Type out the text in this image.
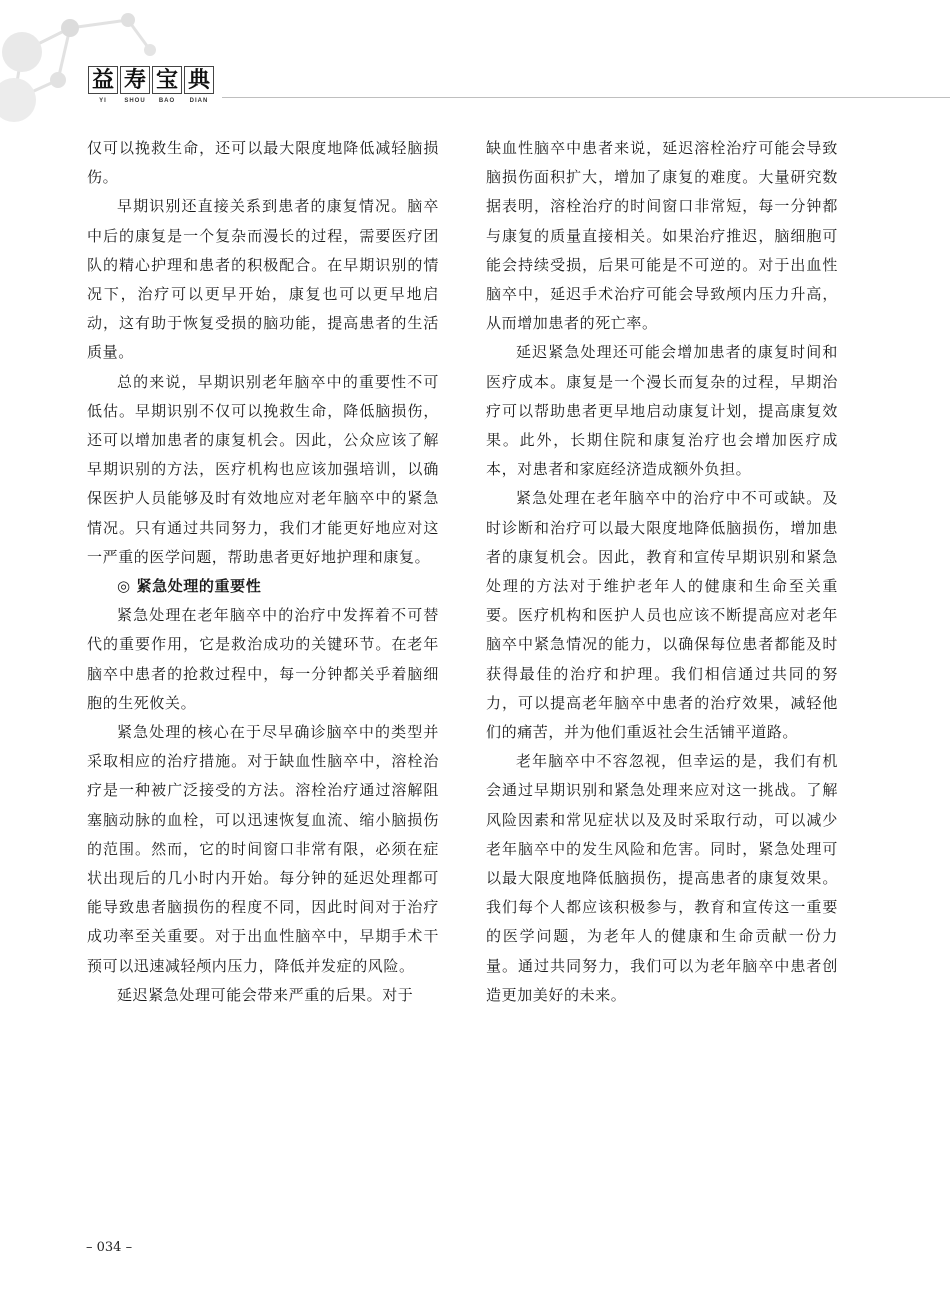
益 寿 宝 典
YI	SHOU	BAO	DIAN

仅可以挽救生命，还可以最大限度地降低减轻脑损伤。

早期识别还直接关系到患者的康复情况。脑卒中后的康复是一个复杂而漫长的过程，需要医疗团队的精心护理和患者的积极配合。在早期识别的情况下，治疗可以更早开始，康复也可以更早地启动，这有助于恢复受损的脑功能，提高患者的生活质量。

总的来说，早期识别老年脑卒中的重要性不可低估。早期识别不仅可以挽救生命，降低脑损伤，还可以增加患者的康复机会。因此，公众应该了解早期识别的方法，医疗机构也应该加强培训，以确保医护人员能够及时有效地应对老年脑卒中的紧急情况。只有通过共同努力，我们才能更好地应对这一严重的医学问题，帮助患者更好地护理和康复。

◎ 紧急处理的重要性

紧急处理在老年脑卒中的治疗中发挥着不可替代的重要作用，它是救治成功的关键环节。在老年脑卒中患者的抢救过程中，每一分钟都关乎着脑细胞的生死攸关。

紧急处理的核心在于尽早确诊脑卒中的类型并采取相应的治疗措施。对于缺血性脑卒中，溶栓治疗是一种被广泛接受的方法。溶栓治疗通过溶解阻塞脑动脉的血栓，可以迅速恢复血流、缩小脑损伤的范围。然而，它的时间窗口非常有限，必须在症状出现后的几小时内开始。每分钟的延迟处理都可能导致患者脑损伤的程度不同，因此时间对于治疗成功率至关重要。对于出血性脑卒中，早期手术干预可以迅速减轻颅内压力，降低并发症的风险。

延迟紧急处理可能会带来严重的后果。对于

缺血性脑卒中患者来说，延迟溶栓治疗可能会导致脑损伤面积扩大，增加了康复的难度。大量研究数据表明，溶栓治疗的时间窗口非常短，每一分钟都与康复的质量直接相关。如果治疗推迟，脑细胞可能会持续受损，后果可能是不可逆的。对于出血性脑卒中，延迟手术治疗可能会导致颅内压力升高，从而增加患者的死亡率。

延迟紧急处理还可能会增加患者的康复时间和医疗成本。康复是一个漫长而复杂的过程，早期治疗可以帮助患者更早地启动康复计划，提高康复效果。此外，长期住院和康复治疗也会增加医疗成本，对患者和家庭经济造成额外负担。

紧急处理在老年脑卒中的治疗中不可或缺。及时诊断和治疗可以最大限度地降低脑损伤，增加患者的康复机会。因此，教育和宣传早期识别和紧急处理的方法对于维护老年人的健康和生命至关重要。医疗机构和医护人员也应该不断提高应对老年脑卒中紧急情况的能力，以确保每位患者都能及时获得最佳的治疗和护理。我们相信通过共同的努力，可以提高老年脑卒中患者的治疗效果，减轻他们的痛苦，并为他们重返社会生活铺平道路。

老年脑卒中不容忽视，但幸运的是，我们有机会通过早期识别和紧急处理来应对这一挑战。了解风险因素和常见症状以及及时采取行动，可以减少老年脑卒中的发生风险和危害。同时，紧急处理可以最大限度地降低脑损伤，提高患者的康复效果。我们每个人都应该积极参与，教育和宣传这一重要的医学问题，为老年人的健康和生命贡献一份力量。通过共同努力，我们可以为老年脑卒中患者创造更加美好的未来。

– 034 –
